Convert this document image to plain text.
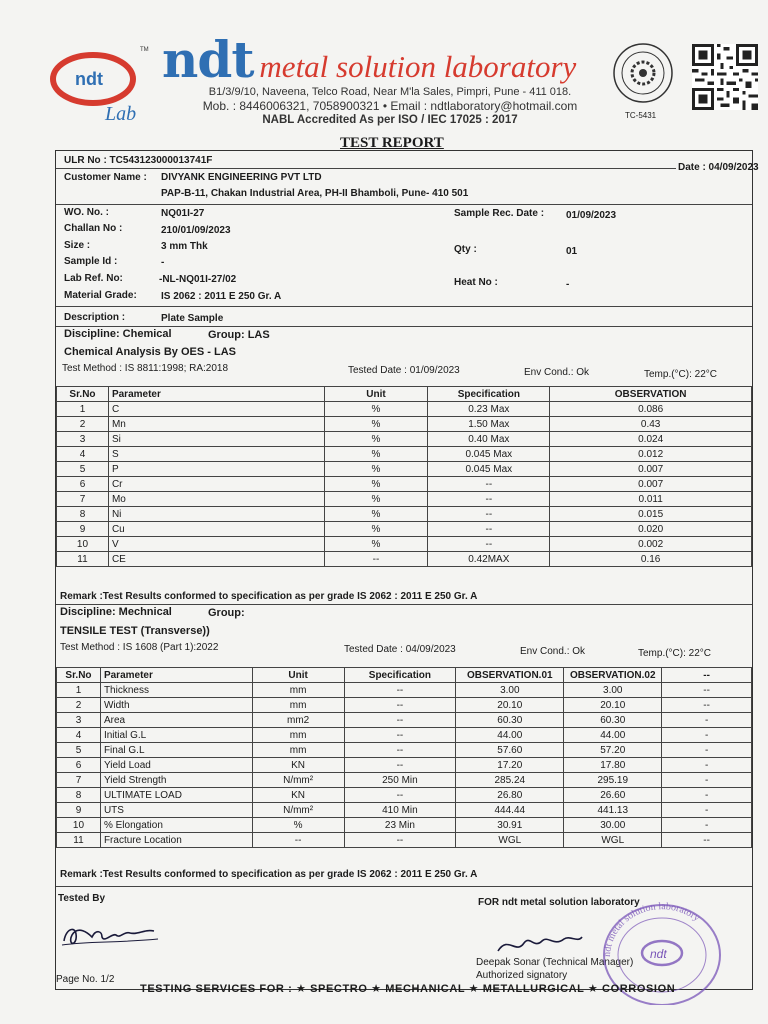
ndt
Lab
TM ndt metal solution laboratory
B1/3/9/10, Naveena, Telco Road, Near M'la Sales, Pimpri, Pune - 411 018.
Mob. : 8446006321, 7058900321 • Email : ndtlaboratory@hotmail.com
NABL Accredited As per ISO / IEC 17025 : 2017	TC-5431
TEST REPORT
ULR No : TC543123000013741F
Date : 04/09/2023
Customer Name : DIVYANK ENGINEERING PVT LTD
PAP-B-11, Chakan Industrial Area, PH-II Bhamboli, Pune- 410 501
WO. No. :	NQ01I-27
Challan No :	210/01/09/2023
Size :	3 mm Thk
Sample Id :	-
Lab Ref. No:	-NL-NQ01I-27/02
Material Grade: IS 2062 : 2011 E 250 Gr. A
Sample Rec. Date : 01/09/2023
Qty :	01
Heat No :	-
Description :	Plate Sample
Discipline: Chemical	Group: LAS
Chemical Analysis By OES - LAS
Test Method : IS 8811:1998; RA:2018	Tested Date : 01/09/2023	Env Cond.: Ok	Temp.(°C): 22°C
Sr.No	Parameter	Unit	Specification	OBSERVATION
1	C	%	0.23 Max	0.086
2	Mn	%	1.50 Max	0.43
3	Si	%	0.40 Max	0.024
4	S	%	0.045 Max	0.012
5	P	%	0.045 Max	0.007
6	Cr	%	--	0.007
7	Mo	%	--	0.011
8	Ni	%	--	0.015
9	Cu	%	--	0.020
10	V	%	--	0.002
11	CE	--	0.42MAX	0.16
Remark :Test Results conformed to specification as per grade IS 2062 : 2011 E 250 Gr. A
Discipline: Mechnical	Group:
TENSILE TEST (Transverse))
Test Method : IS 1608 (Part 1):2022	Tested Date : 04/09/2023	Env Cond.: Ok	Temp.(°C): 22°C
Sr.No	Parameter	Unit	Specification	OBSERVATION.01	OBSERVATION.02	--
1	Thickness	mm	--	3.00	3.00	--
2	Width	mm	--	20.10	20.10	--
3	Area	mm2	--	60.30	60.30	-
4	Initial G.L	mm	--	44.00	44.00	-
5	Final G.L	mm	--	57.60	57.20	-
6	Yield Load	KN	--	17.20	17.80	-
7	Yield Strength	N/mm²	250 Min	285.24	295.19	-
8	ULTIMATE LOAD	KN	--	26.80	26.60	-
9	UTS	N/mm²	410 Min	444.44	441.13	-
10	% Elongation	%	23 Min	30.91	30.00	-
11	Fracture Location	--	--	WGL	WGL	--
Remark :Test Results conformed to specification as per grade IS 2062 : 2011 E 250 Gr. A
Tested By	FOR ndt metal solution laboratory
Deepak Sonar (Technical Manager)
Authorized signatory
Page No. 1/2
ndt metal solution laboratory
ndt
TESTING SERVICES FOR : ★ SPECTRO ★ MECHANICAL ★ METALLURGICAL ★ CORROSION
